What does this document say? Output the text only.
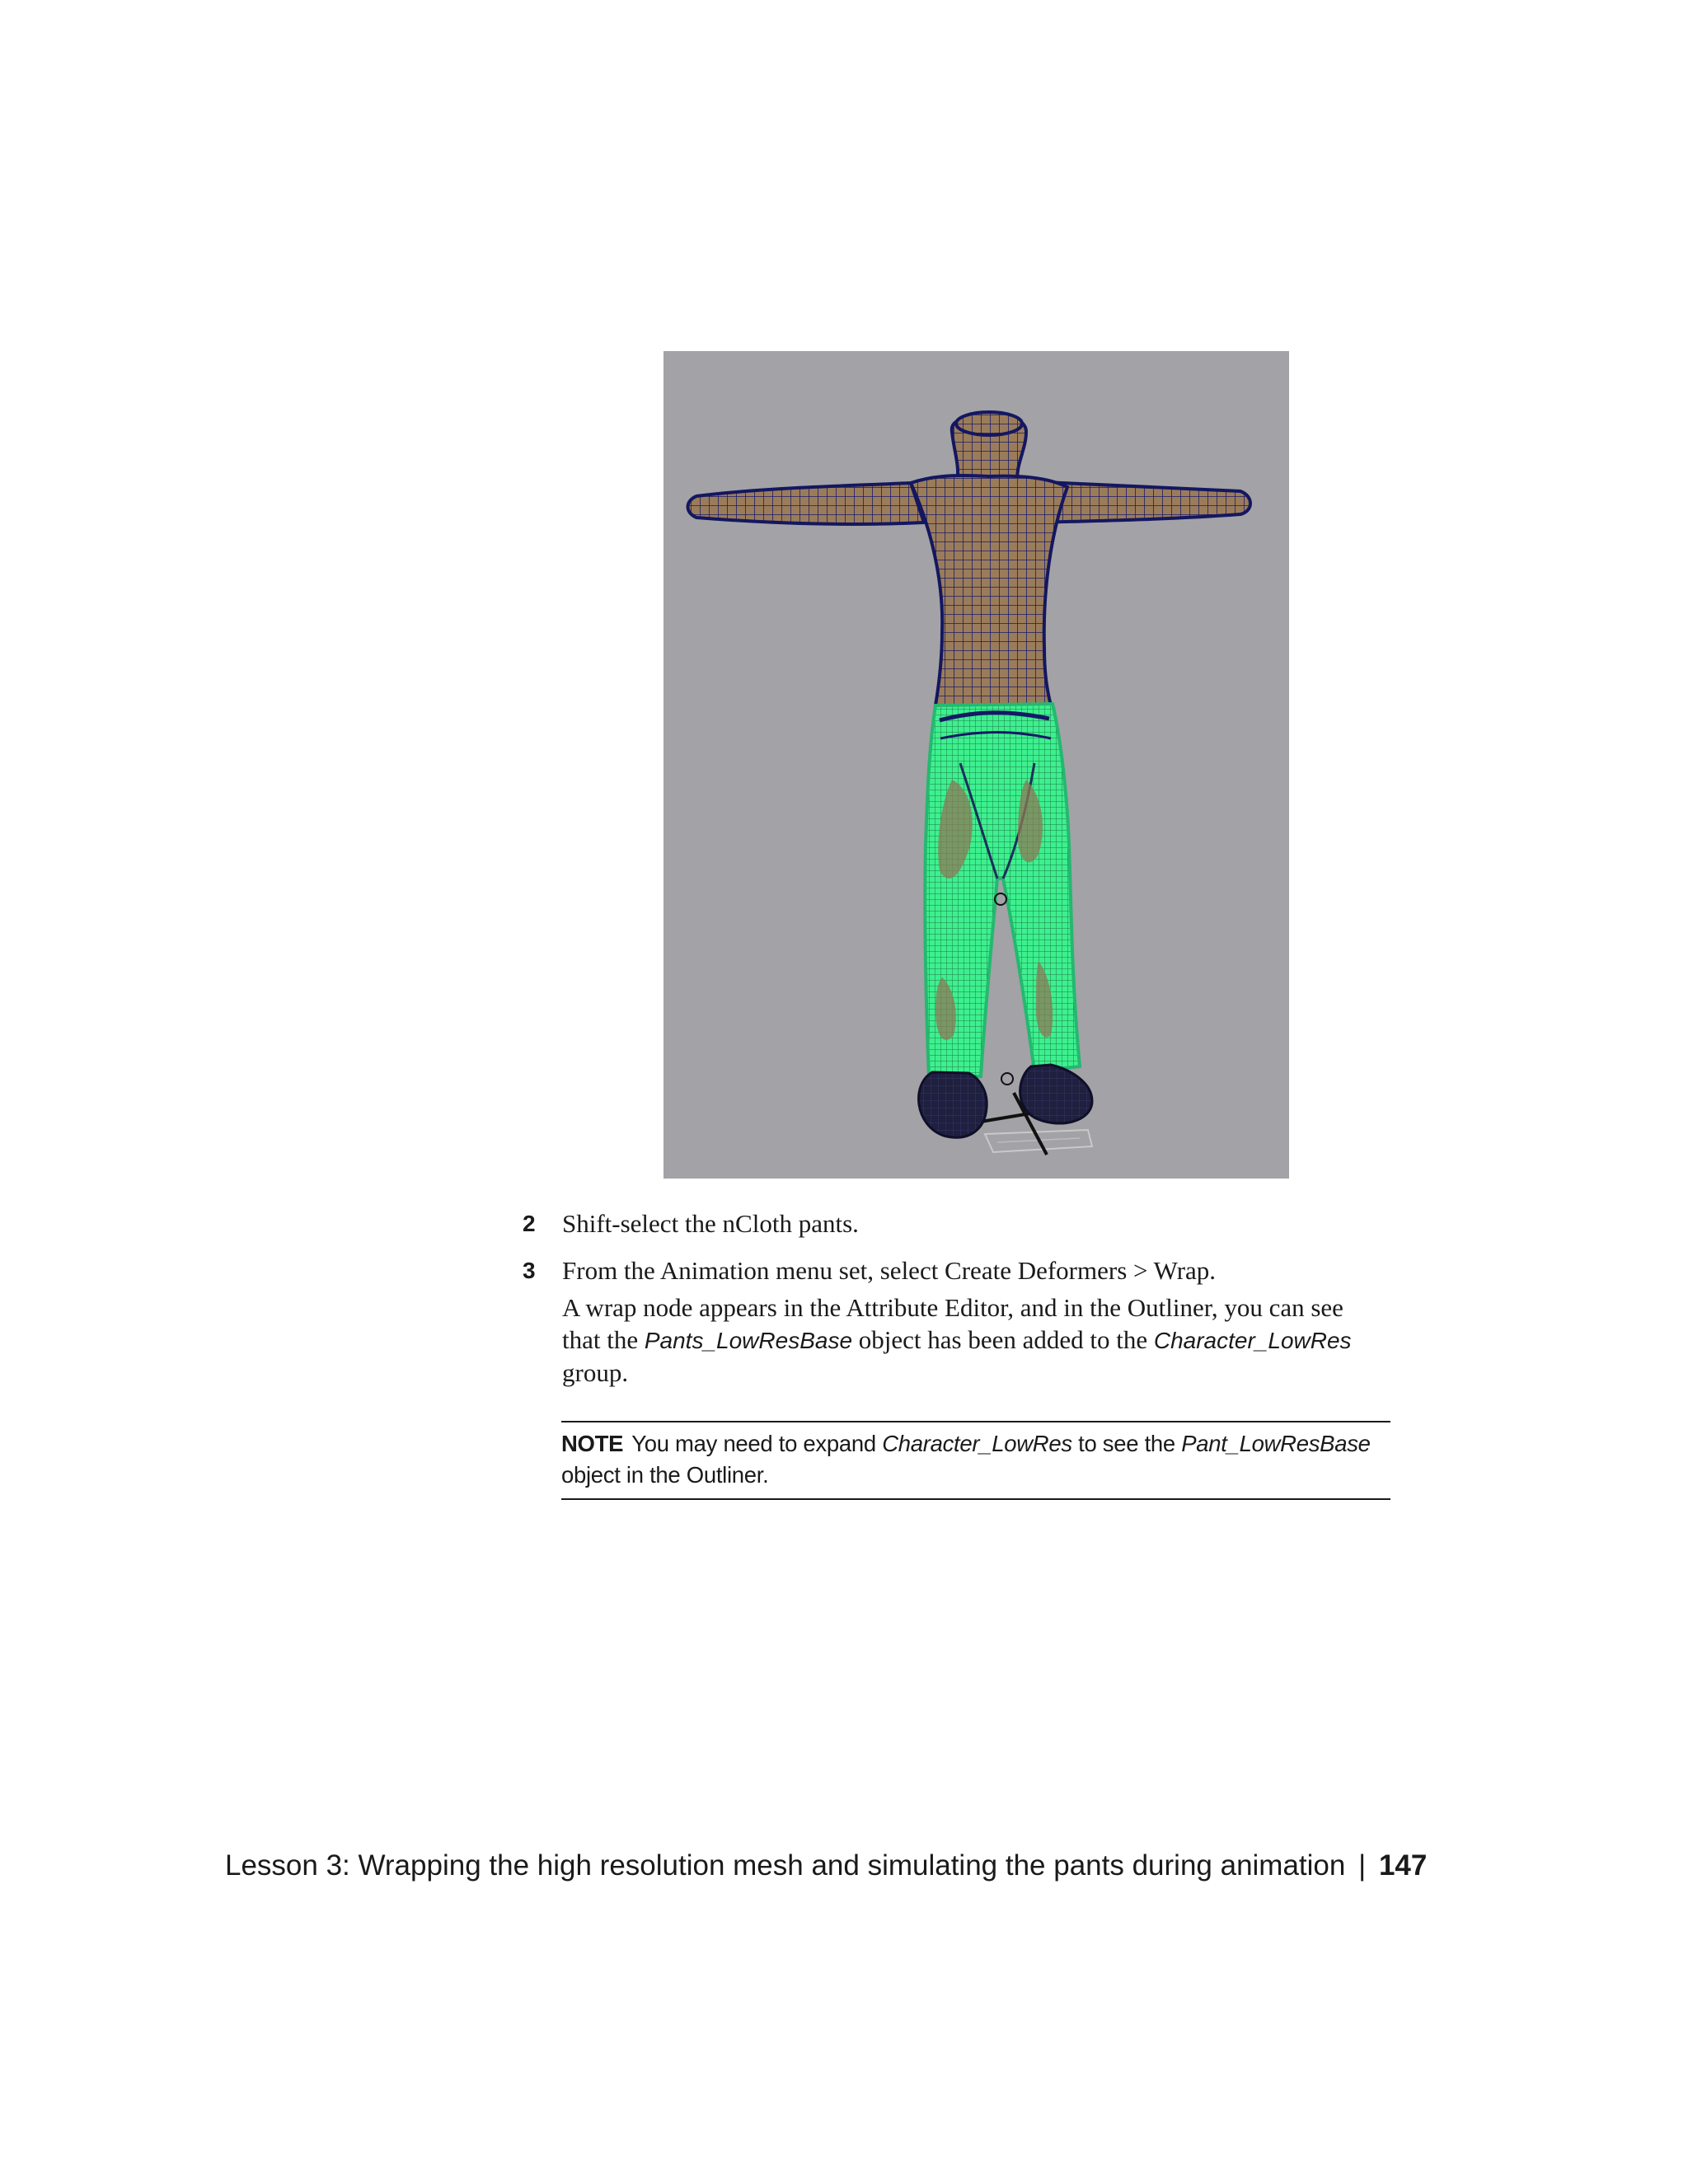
2 Shift-select the nCloth pants.

3 From the Animation menu set, select Create Deformers > Wrap.

A wrap node appears in the Attribute Editor, and in the Outliner, you can see that the Pants_LowResBase object has been added to the Character_LowRes group.

NOTE You may need to expand Character_LowRes to see the Pant_LowResBase object in the Outliner.
Lesson 3: Wrapping the high resolution mesh and simulating the pants during animation | 147
